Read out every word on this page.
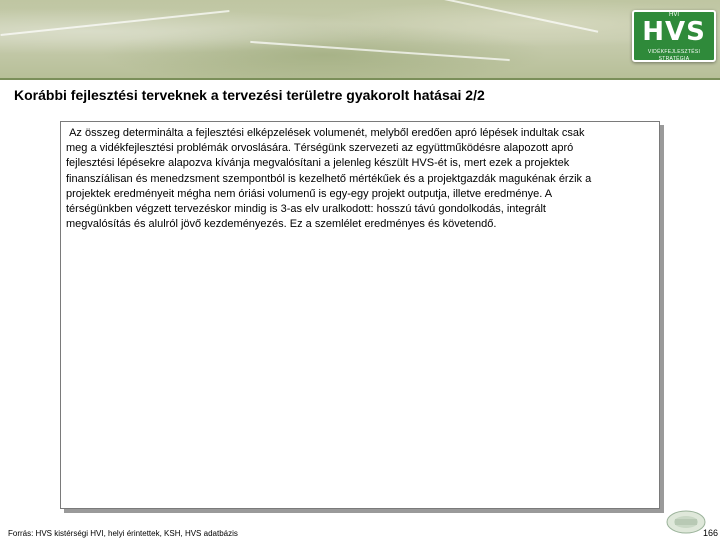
HVI
HVS
VIDÉKFEJLESZTÉSI STRATÉGIA
Korábbi fejlesztési terveknek a tervezési területre gyakorolt hatásai 2/2
Az összeg determinálta a fejlesztési elképzelések volumenét, melyből eredően apró lépések indultak csak
meg a vidékfejlesztési problémák orvoslására. Térségünk szervezeti az együttműködésre alapozott apró
fejlesztési lépésekre alapozva kívánja megvalósítani a jelenleg készült HVS-ét is, mert ezek a projektek
finanszíálisan és menedzsment szempontból is kezelhető mértékűek és a projektgazdák magukénak érzik a
projektek eredményeit mégha nem óriási volumenű is egy-egy projekt outputja, illetve eredménye. A
térségünkben végzett tervezéskor mindig is 3-as elv uralkodott: hosszú távú gondolkodás, integrált
megvalósítás és alulról jövő kezdeményezés. Ez a szemlélet eredményes és követendő.
Forrás: HVS kistérségi HVI, helyi érintettek, KSH, HVS adatbázis	166
